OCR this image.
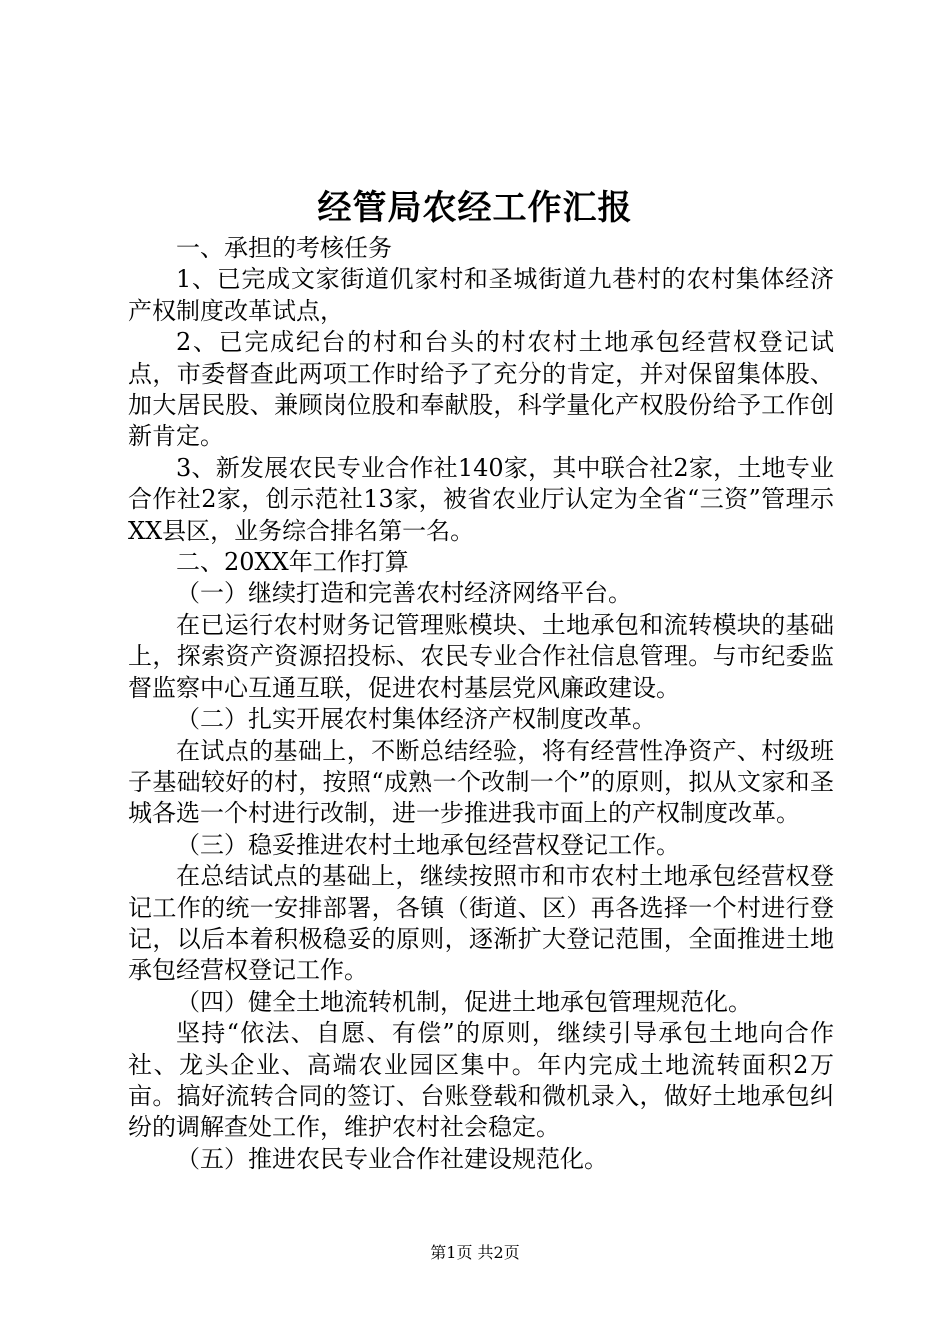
经管局农经工作汇报

一、承担的考核任务

1、已完成文家街道仉家村和圣城街道九巷村的农村集体经济产权制度改革试点，

2、已完成纪台的村和台头的村农村土地承包经营权登记试点，市委督查此两项工作时给予了充分的肯定，并对保留集体股、加大居民股、兼顾岗位股和奉献股，科学量化产权股份给予工作创新肯定。

3、新发展农民专业合作社140家，其中联合社2家，土地专业合作社2家，创示范社13家，被省农业厅认定为全省“三资”管理示XX县区，业务综合排名第一名。

二、20XX年工作打算

（一）继续打造和完善农村经济网络平台。

在已运行农村财务记管理账模块、土地承包和流转模块的基础上，探索资产资源招投标、农民专业合作社信息管理。与市纪委监督监察中心互通互联，促进农村基层党风廉政建设。

（二）扎实开展农村集体经济产权制度改革。

在试点的基础上，不断总结经验，将有经营性净资产、村级班子基础较好的村，按照“成熟一个改制一个”的原则，拟从文家和圣城各选一个村进行改制，进一步推进我市面上的产权制度改革。

（三）稳妥推进农村土地承包经营权登记工作。

在总结试点的基础上，继续按照市和市农村土地承包经营权登记工作的统一安排部署，各镇（街道、区）再各选择一个村进行登记，以后本着积极稳妥的原则，逐渐扩大登记范围，全面推进土地承包经营权登记工作。

（四）健全土地流转机制，促进土地承包管理规范化。

坚持“依法、自愿、有偿”的原则，继续引导承包土地向合作社、龙头企业、高端农业园区集中。年内完成土地流转面积2万亩。搞好流转合同的签订、台账登载和微机录入，做好土地承包纠纷的调解查处工作，维护农村社会稳定。

（五）推进农民专业合作社建设规范化。

第1页 共2页
